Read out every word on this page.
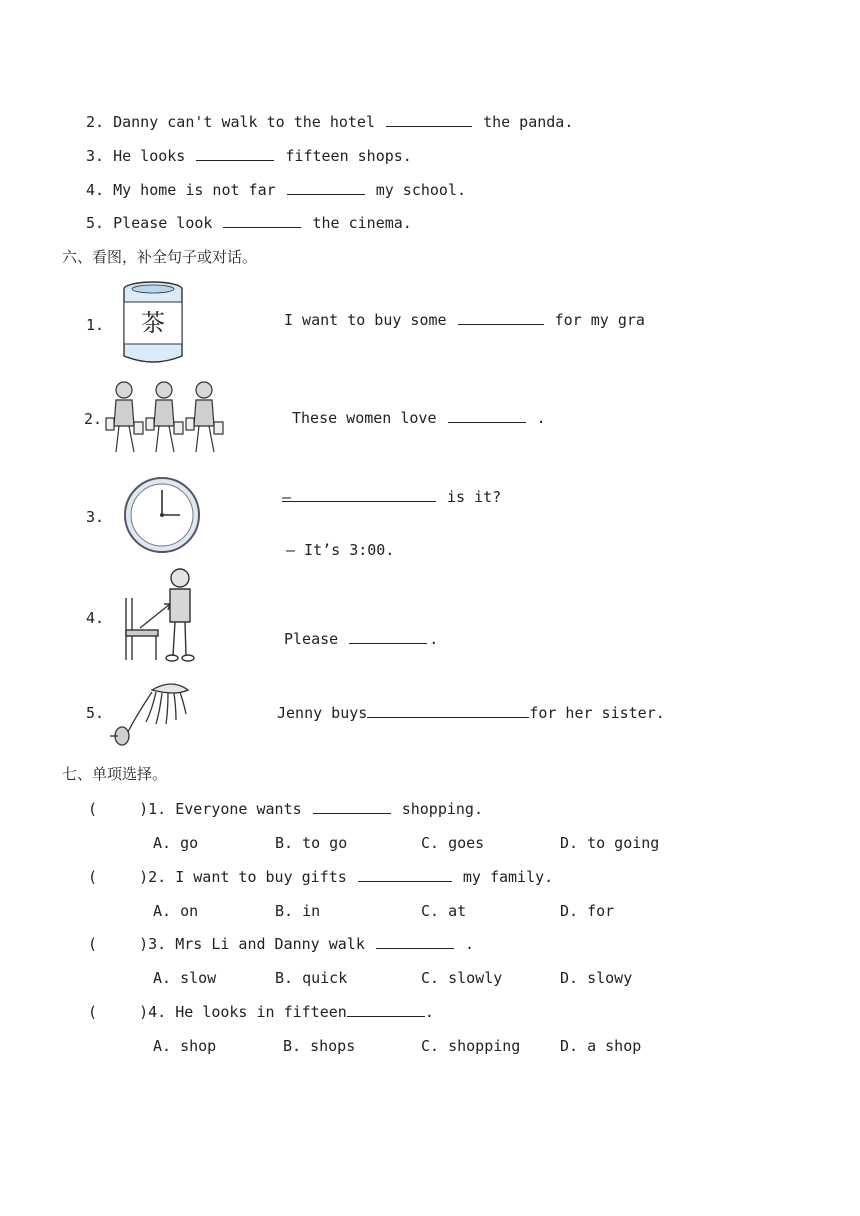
2. Danny can't walk to the hotel	the panda.
3. He looks	fifteen shops.
4. My home is not far	my school.
5. Please look	the cinema.
六、看图，补全句子或对话。
1.	茶	I want to buy some	for my gra
2.	These women love	.
3.
—	is it?
— It’s 3:00.
4.
Please	.
5.	Jenny buys	for her sister.
七、单项选择。
(	)1. Everyone wants	shopping.
A. go	B. to go	C. goes	D. to going
(	)2. I want to buy gifts	my family.
A. on	B. in	C. at	D. for
(	)3. Mrs Li and Danny walk	.
A. slow	B. quick	C. slowly	D. slowy
(	)4. He looks in fifteen	.
A. shop	B. shops	C. shopping	D. a shop
